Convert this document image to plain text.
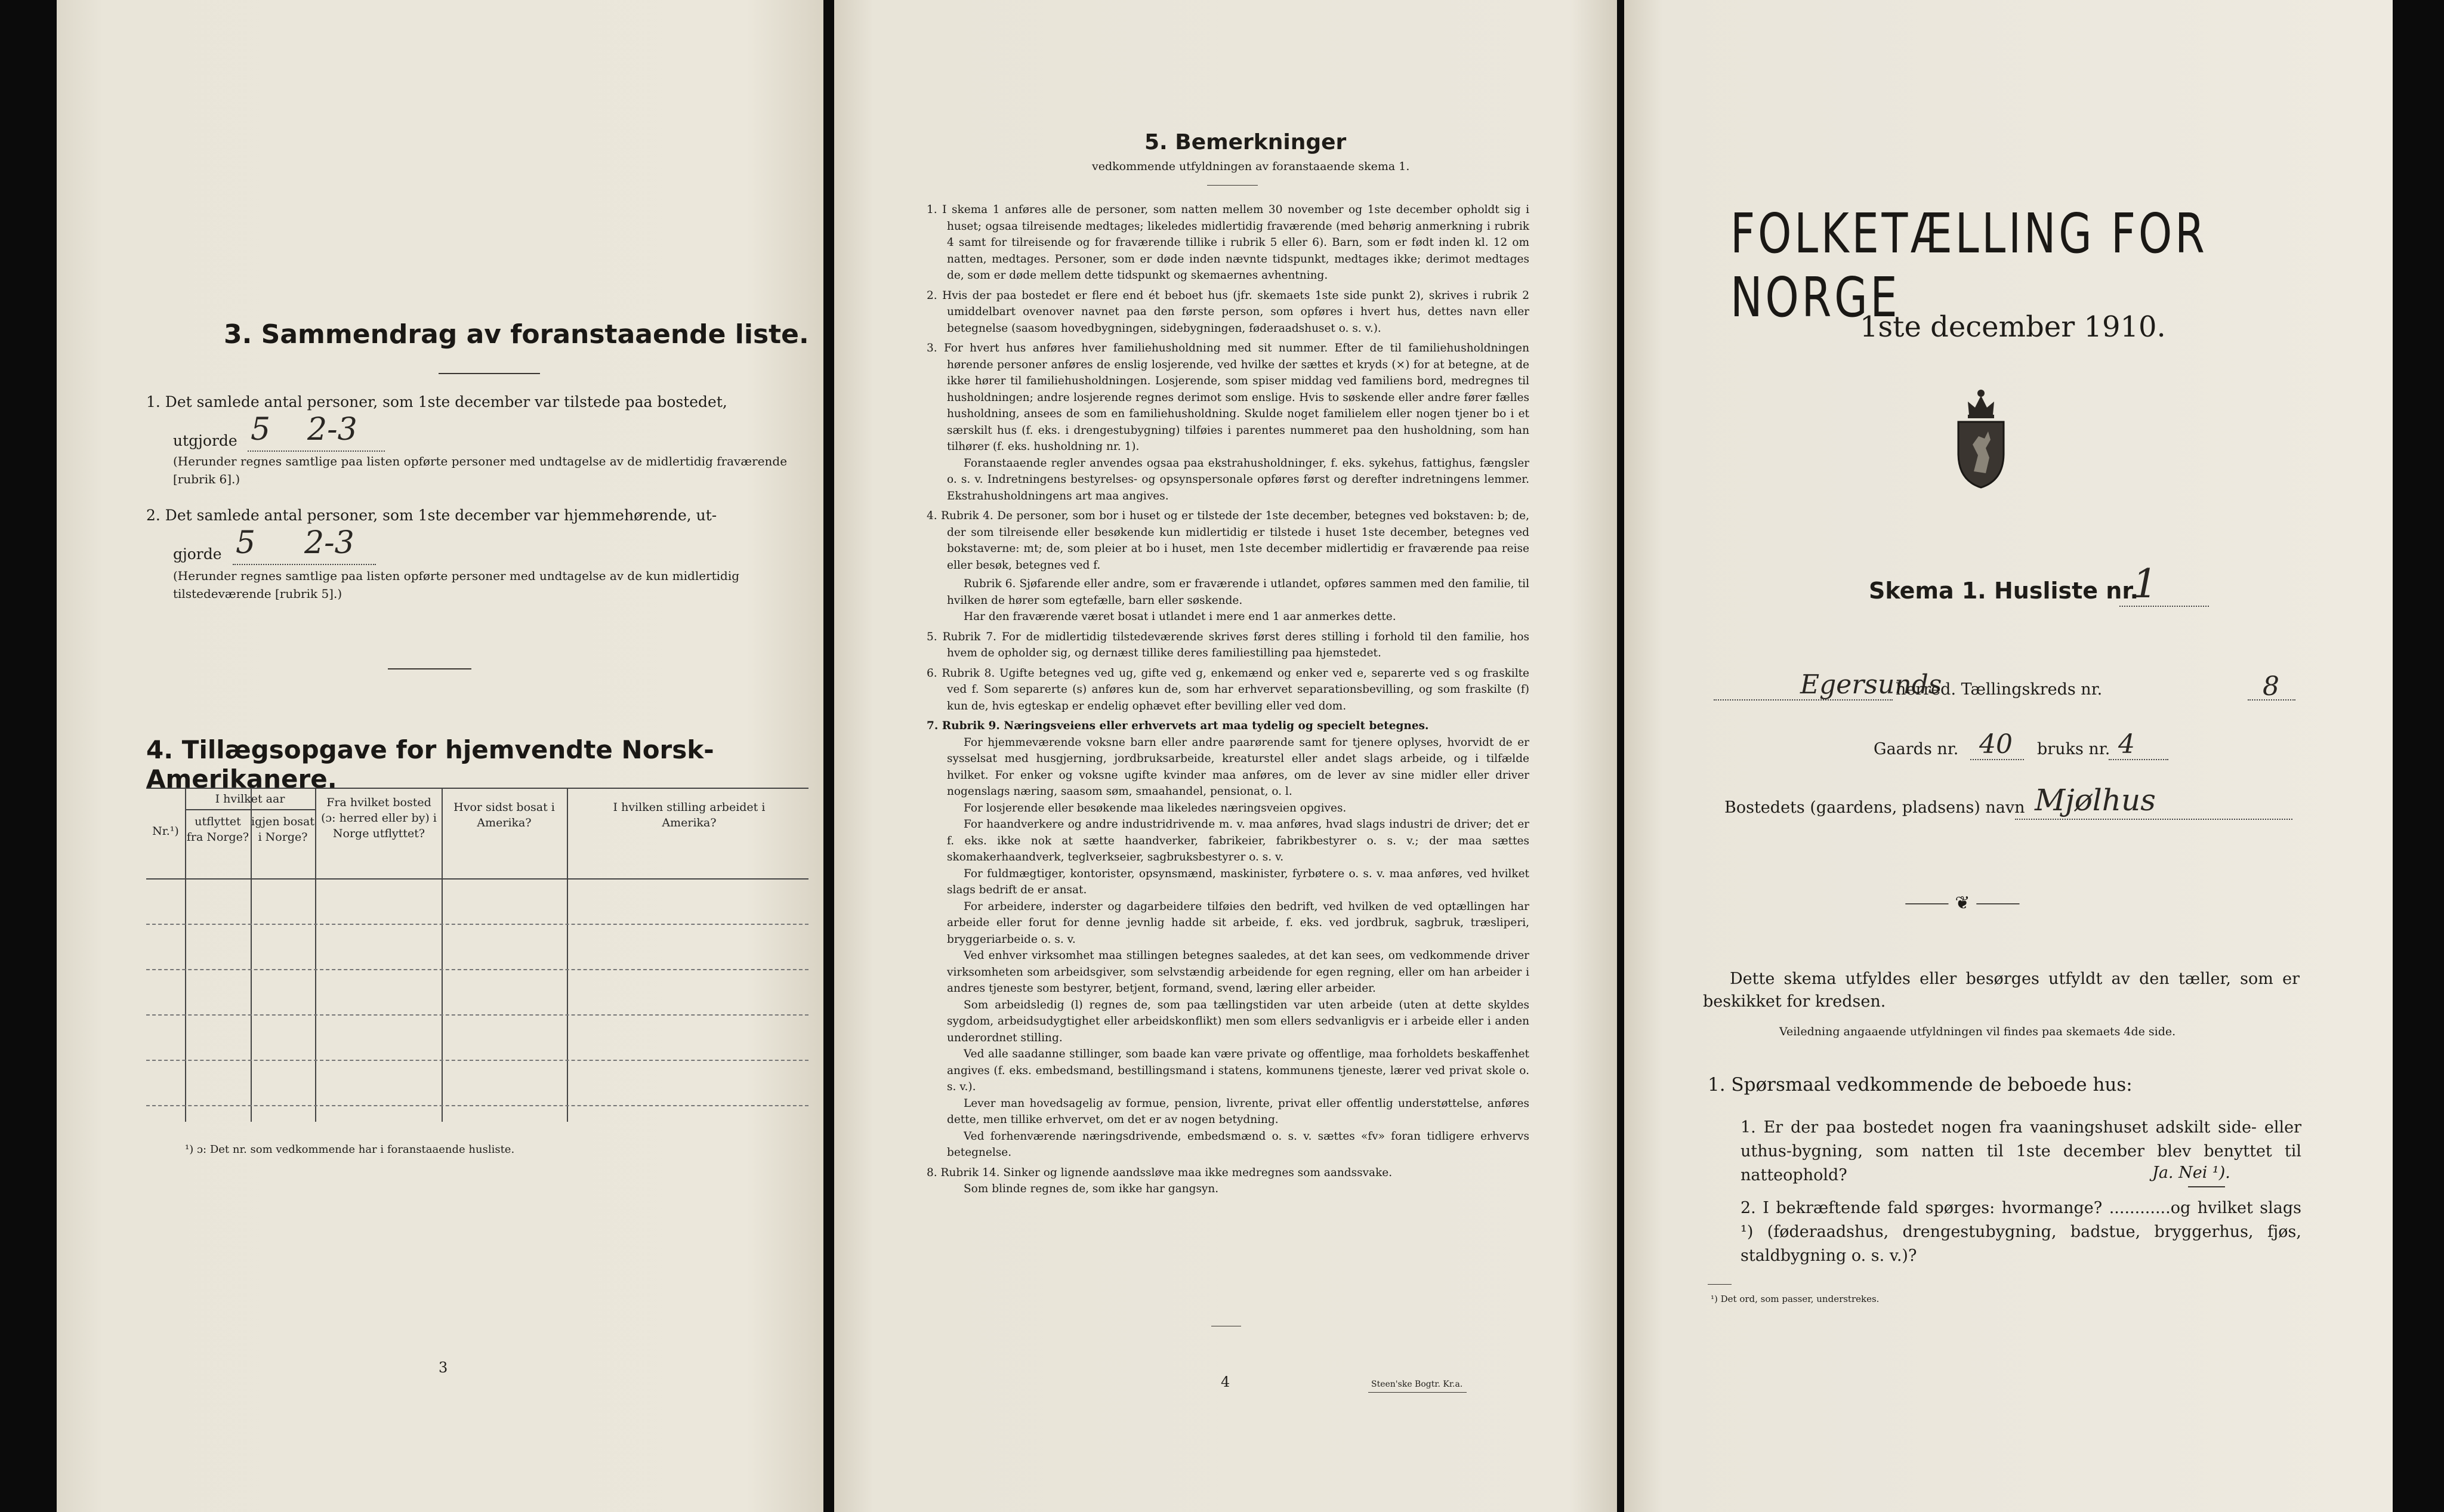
3. Sammendrag av foranstaaende liste.
1. Det samlede antal personer, som 1ste december var tilstede paa bostedet,
utgjorde 5 2-3
(Herunder regnes samtlige paa listen opførte personer med undtagelse av de midlertidig fraværende [rubrik 6].)
2. Det samlede antal personer, som 1ste december var hjemmehørende, ut-
gjorde 5 2-3
(Herunder regnes samtlige paa listen opførte personer med undtagelse av de kun midlertidig tilstedeværende [rubrik 5].)
4. Tillægsopgave for hjemvendte Norsk-Amerikanere.
Nr.¹)
I hvilket aar
utflyttet fra Norge?
igjen bosat i Norge?
Fra hvilket bosted (ɔ: herred eller by) i Norge utflyttet?
Hvor sidst bosat i Amerika?
I hvilken stilling arbeidet i Amerika?
¹) ɔ: Det nr. som vedkommende har i foranstaaende husliste.
3
5. Bemerkninger
vedkommende utfyldningen av foranstaaende skema 1.

1. I skema 1 anføres alle de personer, som natten mellem 30 november og 1ste december opholdt sig i huset; ogsaa tilreisende medtages; likeledes midlertidig fraværende (med behørig anmerkning i rubrik 4 samt for tilreisende og for fraværende tillike i rubrik 5 eller 6). Barn, som er født inden kl. 12 om natten, medtages. Personer, som er døde inden nævnte tidspunkt, medtages ikke; derimot medtages de, som er døde mellem dette tidspunkt og skemaernes avhentning.

2. Hvis der paa bostedet er flere end ét beboet hus (jfr. skemaets 1ste side punkt 2), skrives i rubrik 2 umiddelbart ovenover navnet paa den første person, som opføres i hvert hus, dettes navn eller betegnelse (saasom hovedbygningen, sidebygningen, føderaadshuset o. s. v.).

3. For hvert hus anføres hver familiehusholdning med sit nummer. Efter de til familiehusholdningen hørende personer anføres de enslig losjerende, ved hvilke der sættes et kryds (×) for at betegne, at de ikke hører til familiehusholdningen. Losjerende, som spiser middag ved familiens bord, medregnes til husholdningen; andre losjerende regnes derimot som enslige. Hvis to søskende eller andre fører fælles husholdning, ansees de som en familiehusholdning. Skulde noget familielem eller nogen tjener bo i et særskilt hus (f. eks. i drengestubygning) tilføies i parentes nummeret paa den husholdning, som han tilhører (f. eks. husholdning nr. 1).

Foranstaaende regler anvendes ogsaa paa ekstrahusholdninger, f. eks. sykehus, fattighus, fængsler o. s. v. Indretningens bestyrelses- og opsynspersonale opføres først og derefter indretningens lemmer. Ekstrahusholdningens art maa angives.

4. Rubrik 4. De personer, som bor i huset og er tilstede der 1ste december, betegnes ved bokstaven: b; de, der som tilreisende eller besøkende kun midlertidig er tilstede i huset 1ste december, betegnes ved bokstaverne: mt; de, som pleier at bo i huset, men 1ste december midlertidig er fraværende paa reise eller besøk, betegnes ved f.

Rubrik 6. Sjøfarende eller andre, som er fraværende i utlandet, opføres sammen med den familie, til hvilken de hører som egtefælle, barn eller søskende.

Har den fraværende været bosat i utlandet i mere end 1 aar anmerkes dette.

5. Rubrik 7. For de midlertidig tilstedeværende skrives først deres stilling i forhold til den familie, hos hvem de opholder sig, og dernæst tillike deres familiestilling paa hjemstedet.

6. Rubrik 8. Ugifte betegnes ved ug, gifte ved g, enkemænd og enker ved e, separerte ved s og fraskilte ved f. Som separerte (s) anføres kun de, som har erhvervet separationsbevilling, og som fraskilte (f) kun de, hvis egteskap er endelig ophævet efter bevilling eller ved dom.

7. Rubrik 9. Næringsveiens eller erhvervets art maa tydelig og specielt betegnes.

For hjemmeværende voksne barn eller andre paarørende samt for tjenere oplyses, hvorvidt de er sysselsat med husgjerning, jordbruksarbeide, kreaturstel eller andet slags arbeide, og i tilfælde hvilket. For enker og voksne ugifte kvinder maa anføres, om de lever av sine midler eller driver nogenslags næring, saasom søm, smaahandel, pensionat, o. l.

For losjerende eller besøkende maa likeledes næringsveien opgives.

For haandverkere og andre industridrivende m. v. maa anføres, hvad slags industri de driver; det er f. eks. ikke nok at sætte haandverker, fabrikeier, fabrikbestyrer o. s. v.; der maa sættes skomakerhaandverk, teglverkseier, sagbruksbestyrer o. s. v.

For fuldmægtiger, kontorister, opsynsmænd, maskinister, fyrbøtere o. s. v. maa anføres, ved hvilket slags bedrift de er ansat.

For arbeidere, inderster og dagarbeidere tilføies den bedrift, ved hvilken de ved optællingen har arbeide eller forut for denne jevnlig hadde sit arbeide, f. eks. ved jordbruk, sagbruk, træsliperi, bryggeriarbeide o. s. v.

Ved enhver virksomhet maa stillingen betegnes saaledes, at det kan sees, om vedkommende driver virksomheten som arbeidsgiver, som selvstændig arbeidende for egen regning, eller om han arbeider i andres tjeneste som bestyrer, betjent, formand, svend, læring eller arbeider.

Som arbeidsledig (l) regnes de, som paa tællingstiden var uten arbeide (uten at dette skyldes sygdom, arbeidsudygtighet eller arbeidskonflikt) men som ellers sedvanligvis er i arbeide eller i anden underordnet stilling.

Ved alle saadanne stillinger, som baade kan være private og offentlige, maa forholdets beskaffenhet angives (f. eks. embedsmand, bestillingsmand i statens, kommunens tjeneste, lærer ved privat skole o. s. v.).

Lever man hovedsagelig av formue, pension, livrente, privat eller offentlig understøttelse, anføres dette, men tillike erhvervet, om det er av nogen betydning.

Ved forhenværende næringsdrivende, embedsmænd o. s. v. sættes «fv» foran tidligere erhvervs betegnelse.

8. Rubrik 14. Sinker og lignende aandssløve maa ikke medregnes som aandssvake.

Som blinde regnes de, som ikke har gangsyn.

4	Steen'ske Bogtr. Kr.a.
FOLKETÆLLING FOR NORGE
1ste december 1910.
Skema 1. Husliste nr.
1
Egersunds
herred. Tællingskreds nr.	8
Gaards nr. 40 bruks nr. 4
Bostedets (gaardens, pladsens) navn Mjølhus
⸻ ❦ ⸻
Dette skema utfyldes eller besørges utfyldt av den tæller, som er beskikket for kredsen.
Veiledning angaaende utfyldningen vil findes paa skemaets 4de side.
1. Spørsmaal vedkommende de beboede hus:
1. Er der paa bostedet nogen fra vaaningshuset adskilt side- eller uthus-bygning, som natten til 1ste december blev benyttet til natteophold?	Ja. Nei ¹).
2. I bekræftende fald spørges: hvormange? ............og hvilket slags ¹) (føderaadshus, drengestubygning, badstue, bryggerhus, fjøs, staldbygning o. s. v.)?
¹) Det ord, som passer, understrekes.
